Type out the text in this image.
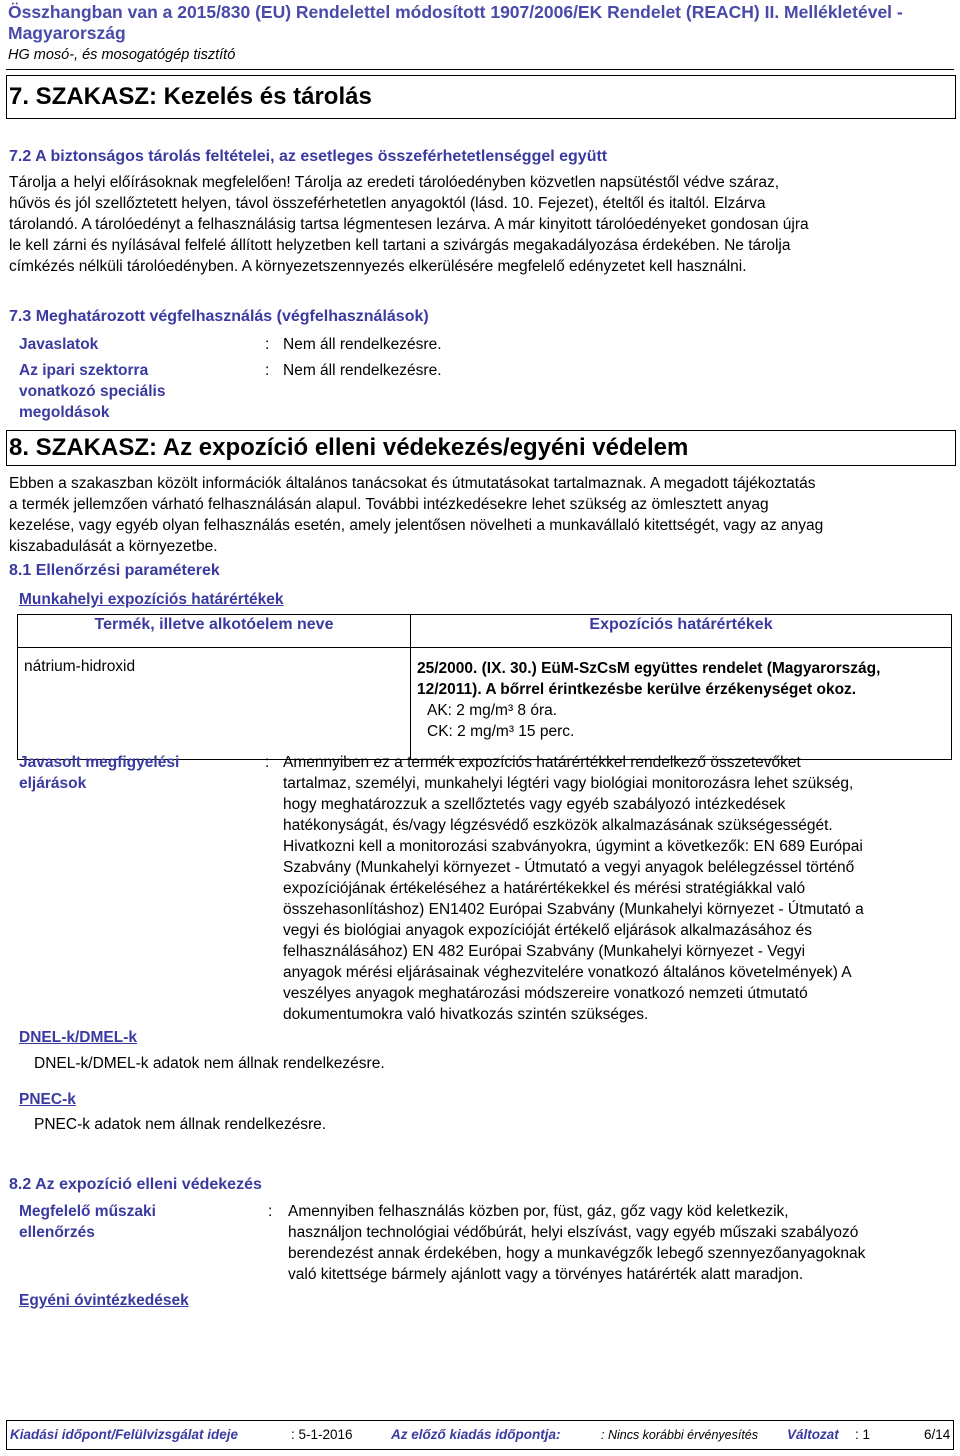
Összhangban van a 2015/830 (EU) Rendelettel módosított 1907/2006/EK Rendelet (REACH) II. Mellékletével - Magyarország
HG mosó-, és mosogatógép tisztító
7. SZAKASZ: Kezelés és tárolás
7.2 A biztonságos tárolás feltételei, az esetleges összeférhetetlenséggel együtt
Tárolja a helyi előírásoknak megfelelően! Tárolja az eredeti tárolóedényben közvetlen napsütéstől védve száraz,
hűvös és jól szellőztetett helyen, távol összeférhetetlen anyagoktól (lásd. 10. Fejezet), ételtől és italtól. Elzárva
tárolandó. A tárolóedényt a felhasználásig tartsa légmentesen lezárva. A már kinyitott tárolóedényeket gondosan újra
le kell zárni és nyílásával felfelé állított helyzetben kell tartani a szivárgás megakadályozása érdekében. Ne tárolja
címkézés nélküli tárolóedényben. A környezetszennyezés elkerülésére megfelelő edényzetet kell használni.
7.3 Meghatározott végfelhasználás (végfelhasználások)
Javaslatok	: Nem áll rendelkezésre.
Az ipari szektorra vonatkozó speciális megoldások
: Nem áll rendelkezésre.
8. SZAKASZ: Az expozíció elleni védekezés/egyéni védelem
Ebben a szakaszban közölt információk általános tanácsokat és útmutatásokat tartalmaznak. A megadott tájékoztatás
a termék jellemzően várható felhasználásán alapul. További intézkedésekre lehet szükség az ömlesztett anyag
kezelése, vagy egyéb olyan felhasználás esetén, amely jelentősen növelheti a munkavállaló kitettségét, vagy az anyag
kiszabadulását a környezetbe.
8.1 Ellenőrzési paraméterek
Munkahelyi expozíciós határértékek
Termék, illetve alkotóelem neve	Expozíciós határértékek
nátrium-hidroxid	25/2000. (IX. 30.) EüM-SzCsM együttes rendelet (Magyarország,
12/2011). A bőrrel érintkezésbe kerülve érzékenységet okoz.
AK: 2 mg/m³ 8 óra.
CK: 2 mg/m³ 15 perc.
Javasolt megfigyelési eljárások
: Amennyiben ez a termék expozíciós határértékkel rendelkező összetevőket
tartalmaz, személyi, munkahelyi légtéri vagy biológiai monitorozásra lehet szükség,
hogy meghatározzuk a szellőztetés vagy egyéb szabályozó intézkedések
hatékonyságát, és/vagy légzésvédő eszközök alkalmazásának szükségességét.
Hivatkozni kell a monitorozási szabványokra, úgymint a következők: EN 689 Európai
Szabvány (Munkahelyi környezet - Útmutató a vegyi anyagok belélegzéssel történő
expozíciójának értékeléséhez a határértékekkel és mérési stratégiákkal való
összehasonlításhoz) EN1402 Európai Szabvány (Munkahelyi környezet - Útmutató a
vegyi és biológiai anyagok expozícióját értékelő eljárások alkalmazásához és
felhasználásához) EN 482 Európai Szabvány (Munkahelyi környezet - Vegyi
anyagok mérési eljárásainak véghezvitelére vonatkozó általános követelmények) A
veszélyes anyagok meghatározási módszereire vonatkozó nemzeti útmutató
dokumentumokra való hivatkozás szintén szükséges.
DNEL-k/DMEL-k
DNEL-k/DMEL-k adatok nem állnak rendelkezésre.
PNEC-k
PNEC-k adatok nem állnak rendelkezésre.
8.2 Az expozíció elleni védekezés
Megfelelő műszaki ellenőrzés
: Amennyiben felhasználás közben por, füst, gáz, gőz vagy köd keletkezik,
használjon technológiai védőbúrát, helyi elszívást, vagy egyéb műszaki szabályozó
berendezést annak érdekében, hogy a munkavégzők lebegő szennyezőanyagoknak
való kitettsége bármely ajánlott vagy a törvényes határérték alatt maradjon.
Egyéni óvintézkedések
Kiadási időpont/Felülvizsgálat ideje	: 5-1-2016	Az előző kiadás időpontja:	: Nincs korábbi érvényesítés Változat : 1	6/14
